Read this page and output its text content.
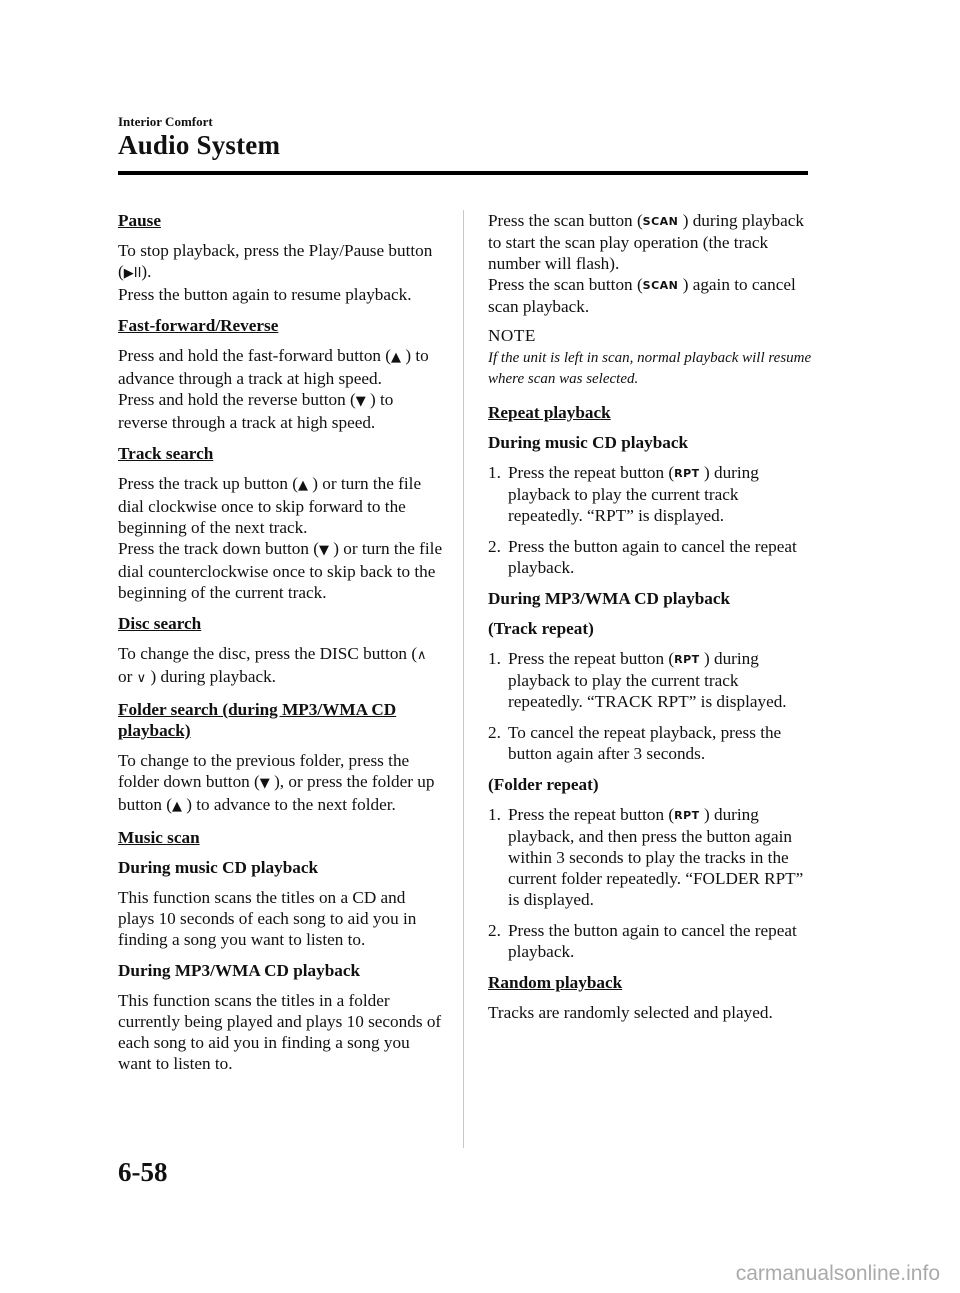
Interior Comfort
Audio System
Pause

To stop playback, press the Play/Pause button (▶II).
Press the button again to resume playback.

Fast-forward/Reverse

Press and hold the fast-forward button (▲ ) to advance through a track at high speed.
Press and hold the reverse button (▼ ) to reverse through a track at high speed.

Track search

Press the track up button (▲ ) or turn the file dial clockwise once to skip forward to the beginning of the next track.
Press the track down button (▼ ) or turn the file dial counterclockwise once to skip back to the beginning of the current track.

Disc search

To change the disc, press the DISC button (∧ or ∨ ) during playback.

Folder search (during MP3/WMA CD playback)

To change to the previous folder, press the folder down button (▼ ), or press the folder up button (▲ ) to advance to the next folder.

Music scan
During music CD playback

This function scans the titles on a CD and plays 10 seconds of each song to aid you in finding a song you want to listen to.

During MP3/WMA CD playback

This function scans the titles in a folder currently being played and plays 10 seconds of each song to aid you in finding a song you want to listen to.

Press the scan button (SCAN ) during playback to start the scan play operation (the track number will flash).
Press the scan button (SCAN ) again to cancel scan playback.

NOTE

If the unit is left in scan, normal playback will resume where scan was selected.

Repeat playback
During music CD playback
1. Press the repeat button (RPT ) during playback to play the current track repeatedly. “RPT” is displayed.
2. Press the button again to cancel the repeat playback.
During MP3/WMA CD playback
(Track repeat)
1. Press the repeat button (RPT ) during playback to play the current track repeatedly. “TRACK RPT” is displayed.
2. To cancel the repeat playback, press the button again after 3 seconds.
(Folder repeat)
1. Press the repeat button (RPT ) during playback, and then press the button again within 3 seconds to play the tracks in the current folder repeatedly. “FOLDER RPT” is displayed.
2. Press the button again to cancel the repeat playback.
Random playback

Tracks are randomly selected and played.

6-58
carmanualsonline.info
